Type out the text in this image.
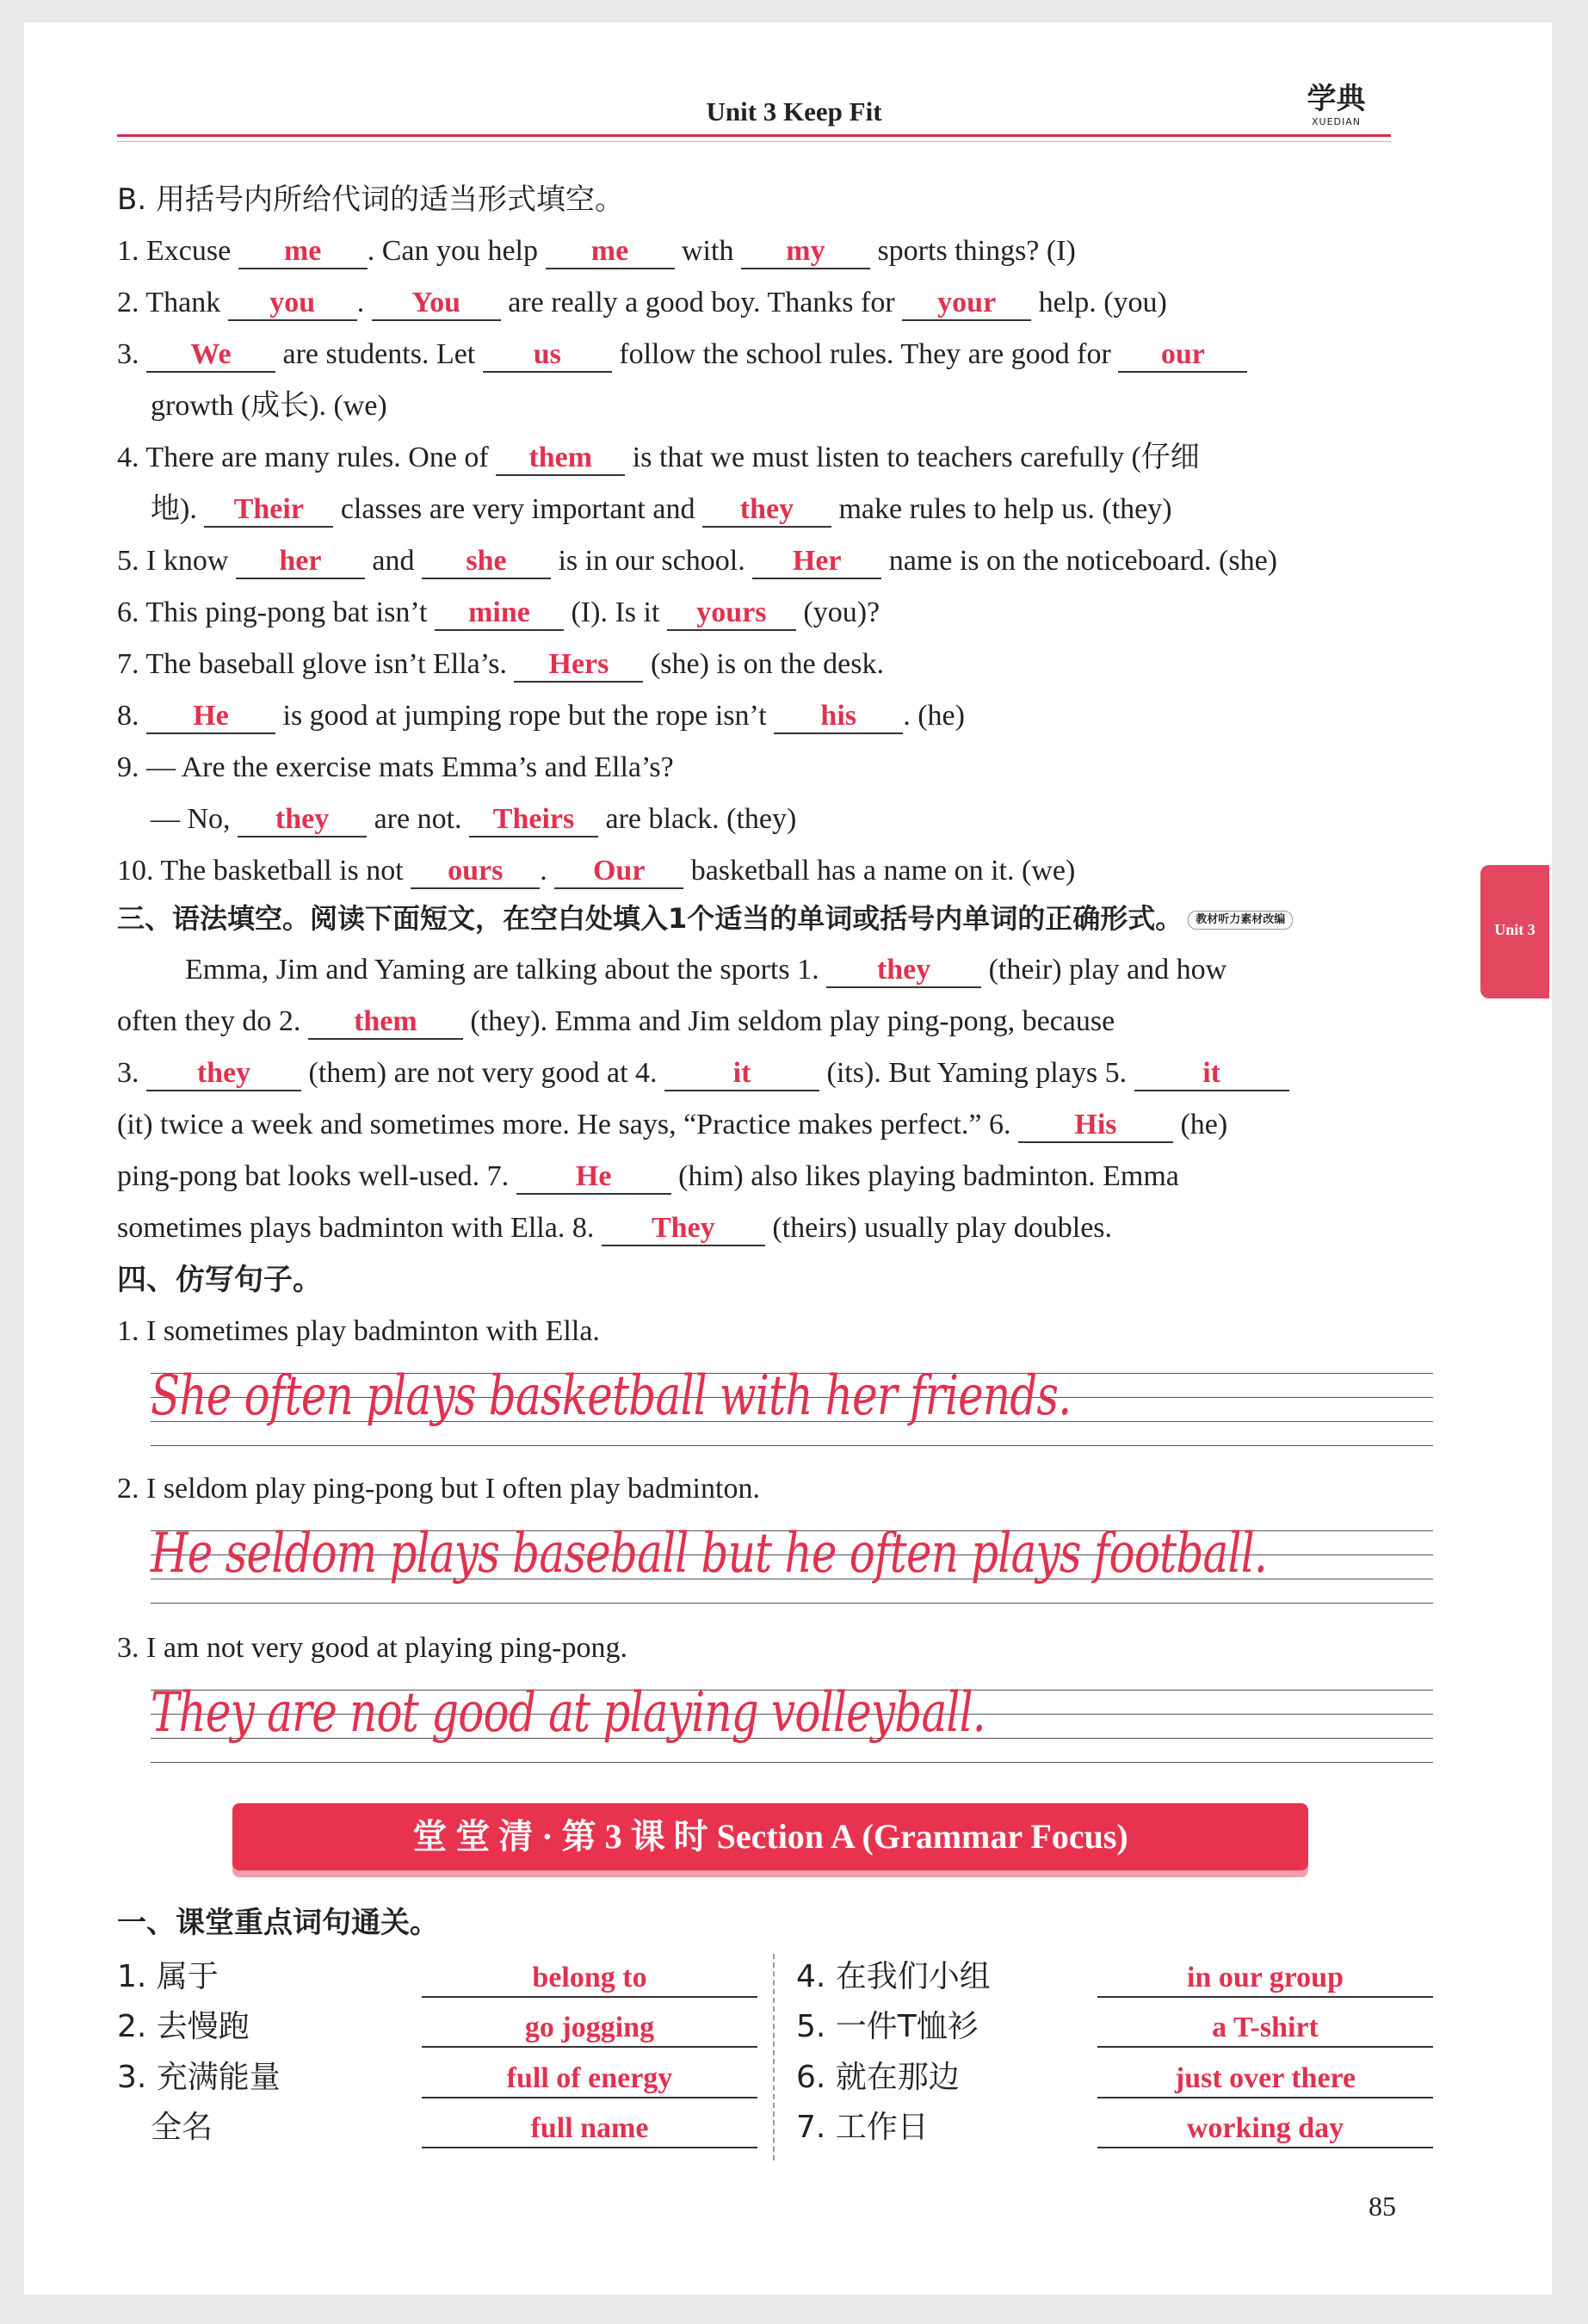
Unit 3 Keep Fit	学典
XUEDIAN
Unit 3
B. 用括号内所给代词的适当形式填空。
1. Excuse me . Can you help me with my sports things? (I)
2. Thank you . You are really a good boy. Thanks for your help. (you)
3. We are students. Let us follow the school rules. They are good for our
growth (成长). (we)
4. There are many rules. One of them is that we must listen to teachers carefully (仔细
地). Their classes are very important and they make rules to help us. (they)
5. I know her and she is in our school. Her name is on the noticeboard. (she)
6. This ping-pong bat isn’t mine (I). Is it yours (you)?
7. The baseball glove isn’t Ella’s. Hers (she) is on the desk.
8. He is good at jumping rope but the rope isn’t his . (he)
9. — Are the exercise mats Emma’s and Ella’s?
— No, they are not. Theirs are black. (they)
10. The basketball is not ours . Our basketball has a name on it. (we)
三、语法填空。阅读下面短文，在空白处填入1个适当的单词或括号内单词的正确形式。 教材听力素材改编
Emma, Jim and Yaming are talking about the sports 1. they (their) play and how
often they do 2. them (they). Emma and Jim seldom play ping-pong, because
3. they (them) are not very good at 4. it (its). But Yaming plays 5. it
(it) twice a week and sometimes more. He says, “Practice makes perfect.” 6. His (he)
ping-pong bat looks well-used. 7. He (him) also likes playing badminton. Emma
sometimes plays badminton with Ella. 8. They (theirs) usually play doubles.
四、仿写句子。
1. I sometimes play badminton with Ella.
She often plays basketball with her friends.
2. I seldom play ping-pong but I often play badminton.
He seldom plays baseball but he often plays football.
3. I am not very good at playing ping-pong.
They are not good at playing volleyball.
堂 堂 清 · 第 3 课 时 Section A (Grammar Focus)
一、课堂重点词句通关。
1. 属于	belong to
2. 去慢跑	go jogging
3. 充满能量	full of energy
全名	full name
4. 在我们小组	in our group
5. 一件T恤衫	a T-shirt
6. 就在那边	just over there
7. 工作日	working day
85
